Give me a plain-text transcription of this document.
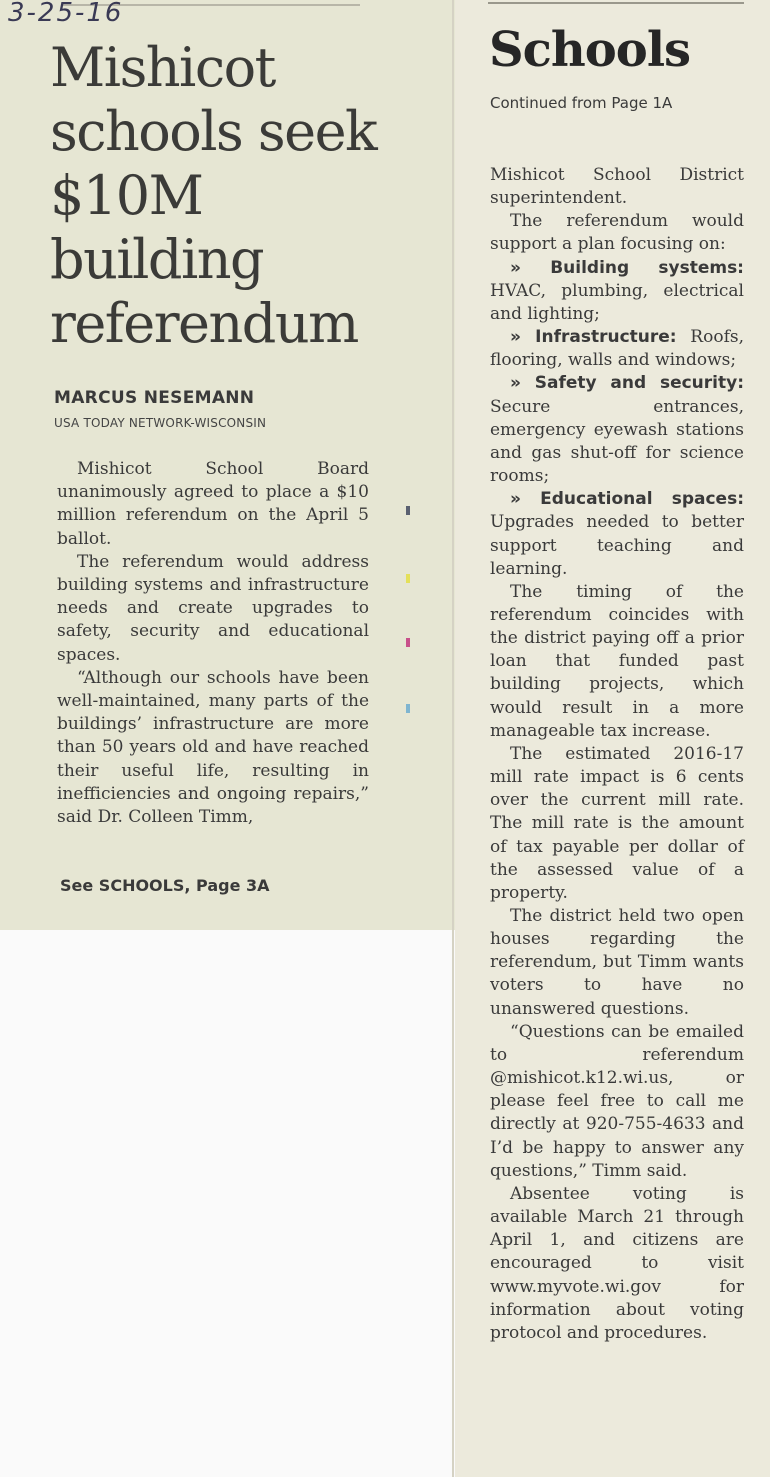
3-25-16
Mishicot schools seek $10M building referendum
MARCUS NESEMANN
USA TODAY NETWORK-WISCONSIN

Mishicot School Board unanimously agreed to place a $10 million referendum on the April 5 ballot.

The referendum would address building systems and infrastructure needs and create upgrades to safety, security and educational spaces.

“Although our schools have been well-maintained, many parts of the buildings’ infrastructure are more than 50 years old and have reached their useful life, resulting in inefficiencies and ongoing repairs,” said Dr. Colleen Timm,

See SCHOOLS, Page 3A
Schools
Continued from Page 1A

Mishicot School District superintendent.

The referendum would support a plan focusing on:

» Building systems: HVAC, plumbing, electrical and lighting;

» Infrastructure: Roofs, flooring, walls and windows;

» Safety and security: Secure entrances, emergency eyewash stations and gas shut-off for science rooms;

» Educational spaces: Upgrades needed to better support teaching and learning.

The timing of the referendum coincides with the district paying off a prior loan that funded past building projects, which would result in a more manageable tax increase.

The estimated 2016-17 mill rate impact is 6 cents over the current mill rate. The mill rate is the amount of tax payable per dollar of the assessed value of a property.

The district held two open houses regarding the referendum, but Timm wants voters to have no unanswered questions.

“Questions can be emailed to referendum @mishicot.k12.wi.us, or please feel free to call me directly at 920-755-4633 and I’d be happy to answer any questions,” Timm said.

Absentee voting is available March 21 through April 1, and citizens are encouraged to visit www.myvote.wi.gov for information about voting protocol and procedures.
